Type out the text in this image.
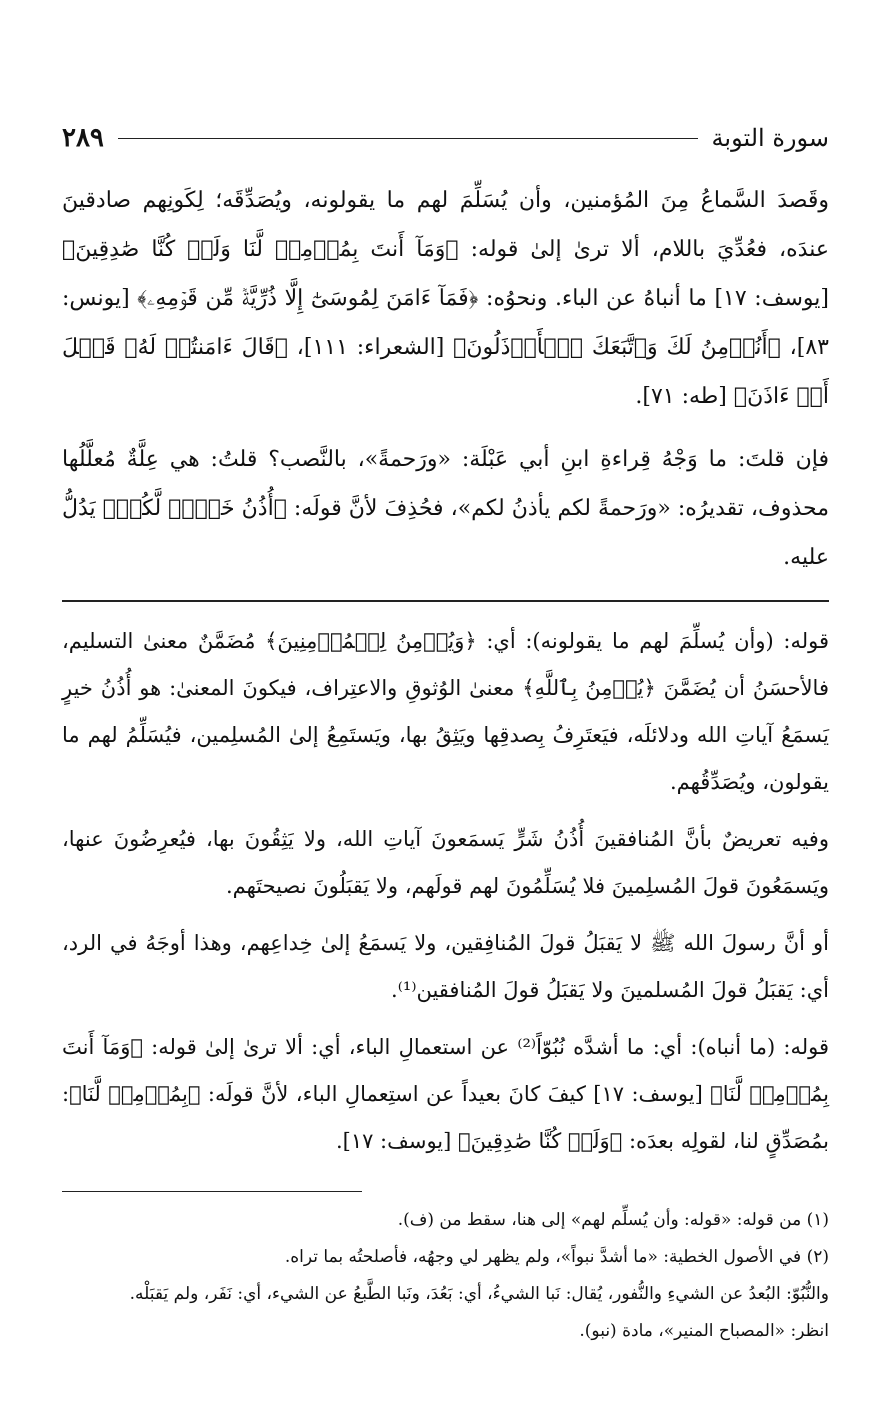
سورة التوبة
٢٨٩

وقَصدَ السَّماعُ مِنَ المُؤمنين، وأن يُسَلِّمَ لهم ما يقولونه، ويُصَدِّقَه؛ لِكَونِهم صادقينَ عندَه، فعُدِّيَ باللام، ألا ترىٰ إلىٰ قوله: ﴿وَمَآ أَنتَ بِمُؤۡمِنٖ لَّنَا وَلَوۡ كُنَّا صَٰدِقِينَ﴾ [يوسف: ١٧] ما أنباهُ عن الباء. ونحوُه: ﴿فَمَآ ءَامَنَ لِمُوسَىٰٓ إِلَّا ذُرِّيَّةٞ مِّن قَوۡمِهِۦ﴾ [يونس: ٨٣]، ﴿أَنُؤۡمِنُ لَكَ وَٱتَّبَعَكَ ٱلۡأَرۡذَلُونَ﴾ [الشعراء: ١١١]، ﴿قَالَ ءَامَنتُمۡ لَهُۥ قَبۡلَ أَنۡ ءَاذَنَ﴾ [طه: ٧١].

فإن قلتَ: ما وَجْهُ قِراءةِ ابنِ أبي عَبْلَة: «ورَحمةً»، بالنَّصب؟ قلتُ: هي عِلَّةٌ مُعلَّلُها محذوف، تقديرُه: «ورَحمةً لكم يأذنُ لكم»، فحُذِفَ لأنَّ قولَه: ﴿أُذُنُ خَيۡرٖ لَّكُمۡ﴾ يَدُلُّ عليه.

قوله: (وأن يُسلِّمَ لهم ما يقولونه): أي: ﴿وَيُؤۡمِنُ لِلۡمُؤۡمِنِينَ﴾ مُضَمَّنٌ معنىٰ التسليم، فالأحسَنُ أن يُضَمَّنَ ﴿يُؤۡمِنُ بِٱللَّهِ﴾ معنىٰ الوُثوقِ والاعتِراف، فيكونَ المعنىٰ: هو أُذُنُ خيرٍ يَسمَعُ آياتِ الله ودلائلَه، فيَعتَرِفُ بِصدقِها ويَثِقُ بها، ويَستَمِعُ إلىٰ المُسلِمين، فيُسَلِّمُ لهم ما يقولون، ويُصَدِّقُهم.

وفيه تعريضٌ بأنَّ المُنافقينَ أُذُنُ شَرٍّ يَسمَعونَ آياتِ الله، ولا يَثِقُونَ بها، فيُعرِضُونَ عنها، ويَسمَعُونَ قولَ المُسلِمينَ فلا يُسَلِّمُونَ لهم قولَهم، ولا يَقبَلُونَ نصيحتَهم.

أو أنَّ رسولَ الله ﷺ لا يَقبَلُ قولَ المُنافِقين، ولا يَسمَعُ إلىٰ خِداعِهم، وهذا أوجَهُ في الرد، أي: يَقبَلُ قولَ المُسلمينَ ولا يَقبَلُ قولَ المُنافقين⁽¹⁾.

قوله: (ما أنباه): أي: ما أشدَّه نُبُوّاً⁽²⁾ عن استعمالِ الباء، أي: ألا ترىٰ إلىٰ قوله: ﴿وَمَآ أَنتَ بِمُؤۡمِنٖ لَّنَا﴾ [يوسف: ١٧] كيفَ كانَ بعيداً عن استِعمالِ الباء، لأنَّ قولَه: ﴿بِمُؤۡمِنٖ لَّنَا﴾: بمُصَدِّقٍ لنا، لقولِه بعدَه: ﴿وَلَوۡ كُنَّا صَٰدِقِينَ﴾ [يوسف: ١٧].

(١) من قوله: «قوله: وأن يُسلِّم لهم» إلى هنا، سقط من (ف).

(٢) في الأصول الخطية: «ما أشدَّ نبواً»، ولم يظهر لي وجهُه، فأصلحتُه بما تراه.

والنُّبُوّ: البُعدُ عن الشيءِ والنُّفور، يُقال: نَبا الشيءُ، أي: بَعُدَ، ونَبا الطَّبعُ عن الشيء، أي: نَفَر، ولم يَقبَلْه.

انظر: «المصباح المنير»، مادة (نبو).
